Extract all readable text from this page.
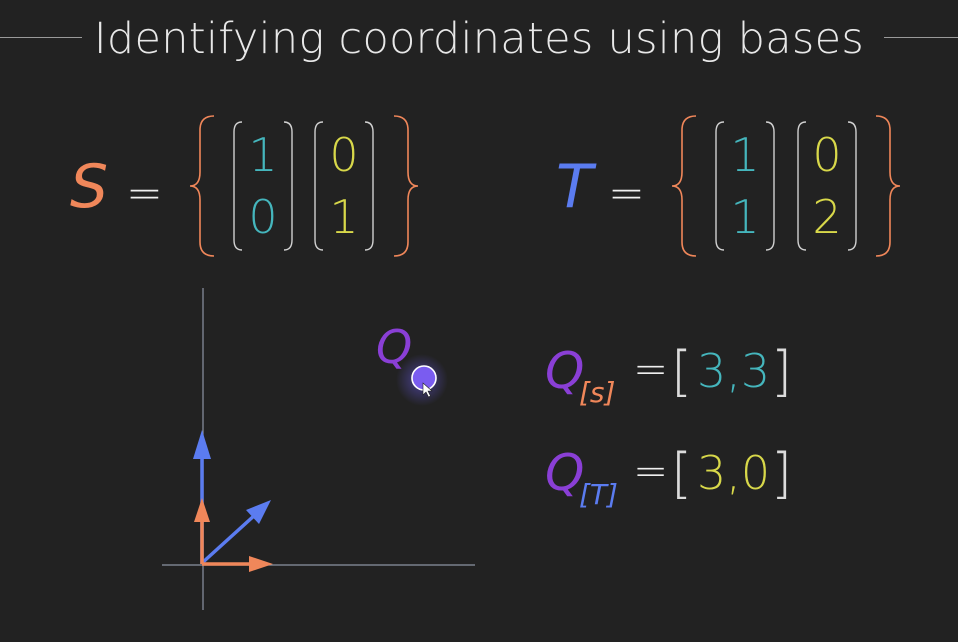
Identifying coordinates using bases
S =
1
0
0
1	T =
1
1
0
2
Q	Q
[s] = [ 3,3 ]
Q
[T] = [ 3,0 ]
